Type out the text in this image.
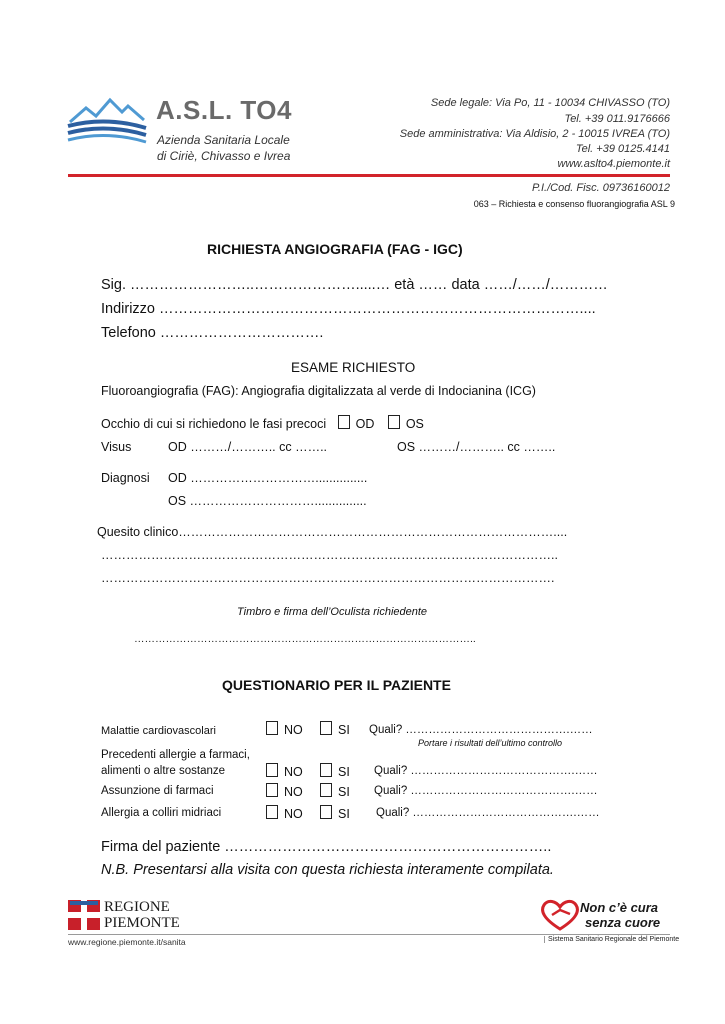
A.S.L. TO4
Azienda Sanitaria Locale
di Ciriè, Chivasso e Ivrea
Sede legale: Via Po, 11 - 10034 CHIVASSO (TO)
Tel. +39 011.9176666
Sede amministrativa: Via Aldisio, 2 - 10015 IVREA (TO)
Tel. +39 0125.4141
www.aslto4.piemonte.it
P.I./Cod. Fisc. 09736160012
063 – Richiesta e consenso fluorangiografia ASL 9
RICHIESTA ANGIOGRAFIA (FAG - IGC)
Sig. ……………………..………………….....… età …… data ……/……/…………
Indirizzo ……………………………………………………………………………....
Telefono …………………………….
ESAME RICHIESTO
Fluoroangiografia (FAG): Angiografia digitalizzata al verde di Indocianina (ICG)
Occhio di cui si richiedono le fasi precoci OD	OS
Visus	OD ………/……….. cc ……..	OS ………/……….. cc ……..
Diagnosi OD …………………………...............
OS …………………………...............
Quesito clinico………………………………………………………………………………....
………………………………………………………………………………………………..
……………………………………………………………………………………………….
Timbro e firma dell’Oculista richiedente
……………………………………………………………………………………..
QUESTIONARIO PER IL PAZIENTE
Malattie cardiovascolari	NO	SI Quali? …………………………………….……
Portare i risultati dell’ultimo controllo
Precedenti allergie a farmaci,
alimenti o altre sostanze	NO	SI Quali? …………………………………….……
Assunzione di farmaci	NO	SI Quali? …………………………………….……
Allergia a colliri midriaci	NO	SI Quali? …………………………………….……
Firma del paziente …………………………………………………………..
N.B. Presentarsi alla visita con questa richiesta interamente compilata.
REGIONE
PIEMONTE
www.regione.piemonte.it/sanita
Non c’è cura
senza cuore
Sistema Sanitario Regionale del Piemonte
